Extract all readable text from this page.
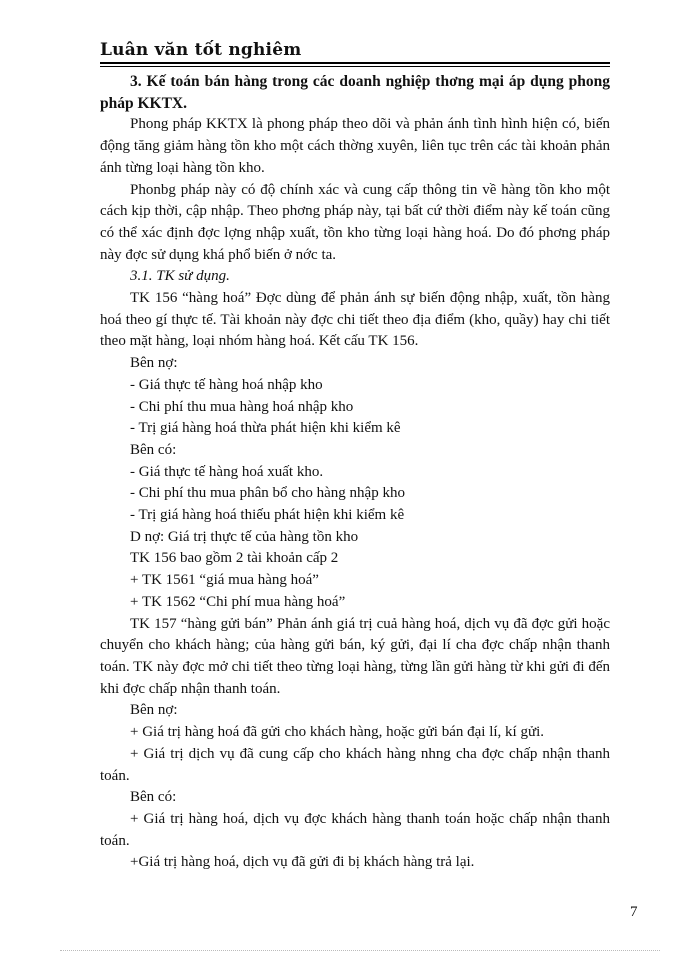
Luân văn tốt nghiêm

3. Kế toán bán hàng trong các doanh nghiệp thơng mại áp dụng phong pháp KKTX.

Phong pháp KKTX là phong pháp theo dõi và phản ánh tình hình hiện có, biến động tăng giảm hàng tồn kho một cách thờng xuyên, liên tục trên các tài khoản phản ánh từng loại hàng tồn kho.

Phonbg pháp này có độ chính xác và cung cấp thông tin về hàng tồn kho một cách kịp thời, cập nhập. Theo phơng pháp này, tại bất cứ thời điểm này kế toán cũng có thể xác định đợc lợng nhập xuất, tồn kho từng loại hàng hoá. Do đó phơng pháp này đợc sử dụng khá phổ biến ở nớc ta.

3.1. TK sử dụng.

TK 156 “hàng hoá” Đợc dùng để phản ánh sự biến động nhập, xuất, tồn hàng hoá theo gí thực tế. Tài khoản này đợc chi tiết theo địa điểm (kho, quầy) hay chi tiết theo mặt hàng, loại nhóm hàng hoá. Kết cấu TK 156.

Bên nợ:

- Giá thực tế hàng hoá nhập kho

- Chi phí thu mua hàng hoá nhập kho

- Trị giá hàng hoá thừa phát hiện khi kiểm kê

Bên có:

- Giá thực tế hàng hoá xuất kho.

- Chi phí thu mua phân bổ cho hàng nhập kho

- Trị giá hàng hoá thiếu phát hiện khi kiểm kê

D nợ: Giá trị thực tế của hàng tồn kho

TK 156 bao gồm 2 tài khoản cấp 2

+ TK 1561 “giá mua hàng hoá”

+ TK 1562 “Chi phí mua hàng hoá”

TK 157 “hàng gửi bán” Phản ánh giá trị cuả hàng hoá, dịch vụ đã đợc gửi hoặc chuyển cho khách hàng; của hàng gửi bán, ký gửi, đại lí cha đợc chấp nhận thanh toán. TK này đợc mở chi tiết theo từng loại hàng, từng lần gửi hàng từ khi gửi đi đến khi đợc chấp nhận thanh toán.

Bên nợ:

+ Giá trị hàng hoá đã gửi cho khách hàng, hoặc gửi bán đại lí, kí gửi.

+ Giá trị dịch vụ đã cung cấp cho khách hàng nhng cha đợc chấp nhận thanh toán.

Bên có:

+ Giá trị hàng hoá, dịch vụ đợc khách hàng thanh toán hoặc chấp nhận thanh toán.

+Giá trị hàng hoá, dịch vụ đã gửi đi bị khách hàng trả lại.

7
